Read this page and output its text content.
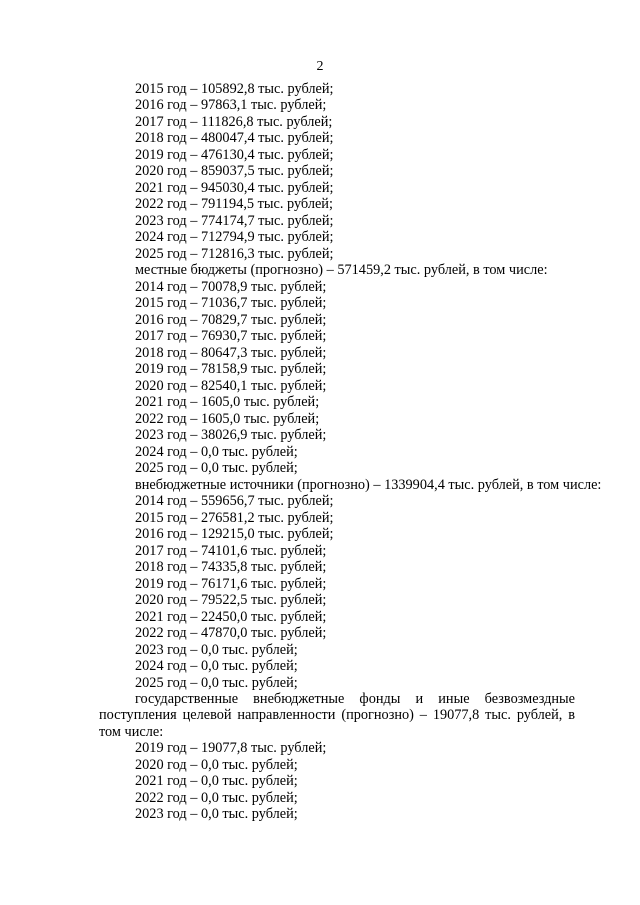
2
2015 год – 105892,8 тыс. рублей;
2016 год – 97863,1 тыс. рублей;
2017 год – 111826,8 тыс. рублей;
2018 год – 480047,4 тыс. рублей;
2019 год – 476130,4 тыс. рублей;
2020 год – 859037,5 тыс. рублей;
2021 год – 945030,4 тыс. рублей;
2022 год – 791194,5 тыс. рублей;
2023 год – 774174,7 тыс. рублей;
2024 год – 712794,9 тыс. рублей;
2025 год – 712816,3 тыс. рублей;
местные бюджеты (прогнозно) – 571459,2 тыс. рублей, в том числе:
2014 год – 70078,9 тыс. рублей;
2015 год – 71036,7 тыс. рублей;
2016 год – 70829,7 тыс. рублей;
2017 год – 76930,7 тыс. рублей;
2018 год – 80647,3 тыс. рублей;
2019 год – 78158,9 тыс. рублей;
2020 год – 82540,1 тыс. рублей;
2021 год – 1605,0 тыс. рублей;
2022 год – 1605,0 тыс. рублей;
2023 год – 38026,9 тыс. рублей;
2024 год – 0,0 тыс. рублей;
2025 год – 0,0 тыс. рублей;
внебюджетные источники (прогнозно) – 1339904,4 тыс. рублей, в том числе:
2014 год – 559656,7 тыс. рублей;
2015 год – 276581,2 тыс. рублей;
2016 год – 129215,0 тыс. рублей;
2017 год – 74101,6 тыс. рублей;
2018 год – 74335,8 тыс. рублей;
2019 год – 76171,6 тыс. рублей;
2020 год – 79522,5 тыс. рублей;
2021 год – 22450,0 тыс. рублей;
2022 год – 47870,0 тыс. рублей;
2023 год – 0,0 тыс. рублей;
2024 год – 0,0 тыс. рублей;
2025 год – 0,0 тыс. рублей;
государственные внебюджетные фонды и иные безвозмездные поступления целевой направленности (прогнозно) – 19077,8 тыс. рублей, в том числе:
2019 год – 19077,8 тыс. рублей;
2020 год – 0,0 тыс. рублей;
2021 год – 0,0 тыс. рублей;
2022 год – 0,0 тыс. рублей;
2023 год – 0,0 тыс. рублей;
